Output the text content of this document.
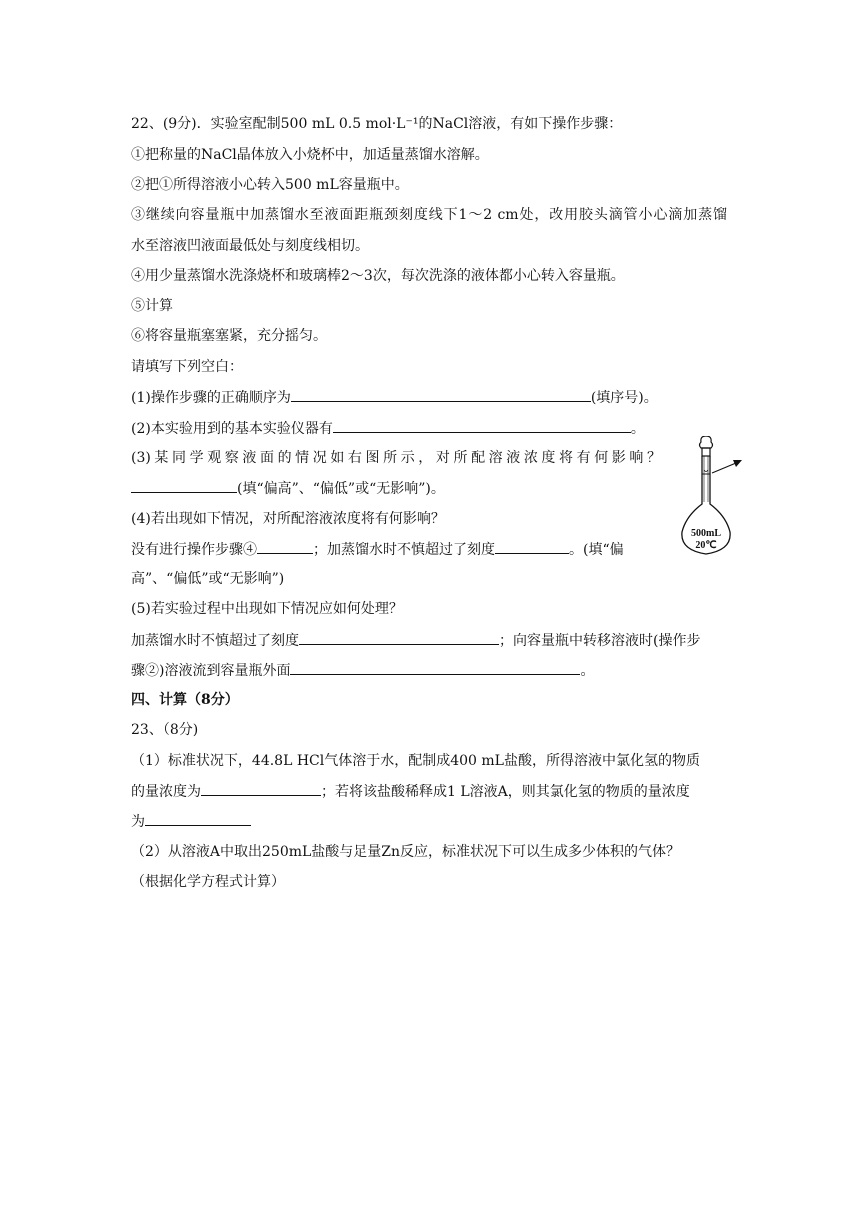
22、(9分)．实验室配制500 mL 0.5 mol·L⁻¹的NaCl溶液，有如下操作步骤：
①把称量的NaCl晶体放入小烧杯中，加适量蒸馏水溶解。
②把①所得溶液小心转入500 mL容量瓶中。
③继续向容量瓶中加蒸馏水至液面距瓶颈刻度线下1～2 cm处，改用胶头滴管小心滴加蒸馏
水至溶液凹液面最低处与刻度线相切。
④用少量蒸馏水洗涤烧杯和玻璃棒2～3次，每次洗涤的液体都小心转入容量瓶。
⑤计算
⑥将容量瓶塞塞紧，充分摇匀。
请填写下列空白：
(1)操作步骤的正确顺序为	(填序号)。
(2)本实验用到的基本实验仪器有	。
(3)某同学观察液面的情况如右图所示，对所配溶液浓度将有何影响？
(填“偏高”、“偏低”或“无影响”)。
(4)若出现如下情况，对所配溶液浓度将有何影响？
没有进行操作步骤④	；加蒸馏水时不慎超过了刻度	。(填“偏
高”、“偏低”或“无影响”)
(5)若实验过程中出现如下情况应如何处理？
加蒸馏水时不慎超过了刻度	；向容量瓶中转移溶液时(操作步
骤②)溶液流到容量瓶外面	。
四、计算（8分）
23、（8分)
（1）标准状况下，44.8L HCl气体溶于水，配制成400 mL盐酸，所得溶液中氯化氢的物质
的量浓度为	；若将该盐酸稀释成1 L溶液A，则其氯化氢的物质的量浓度
为
（2）从溶液A中取出250mL盐酸与足量Zn反应，标准状况下可以生成多少体积的气体？
（根据化学方程式计算）
500mL
20℃
